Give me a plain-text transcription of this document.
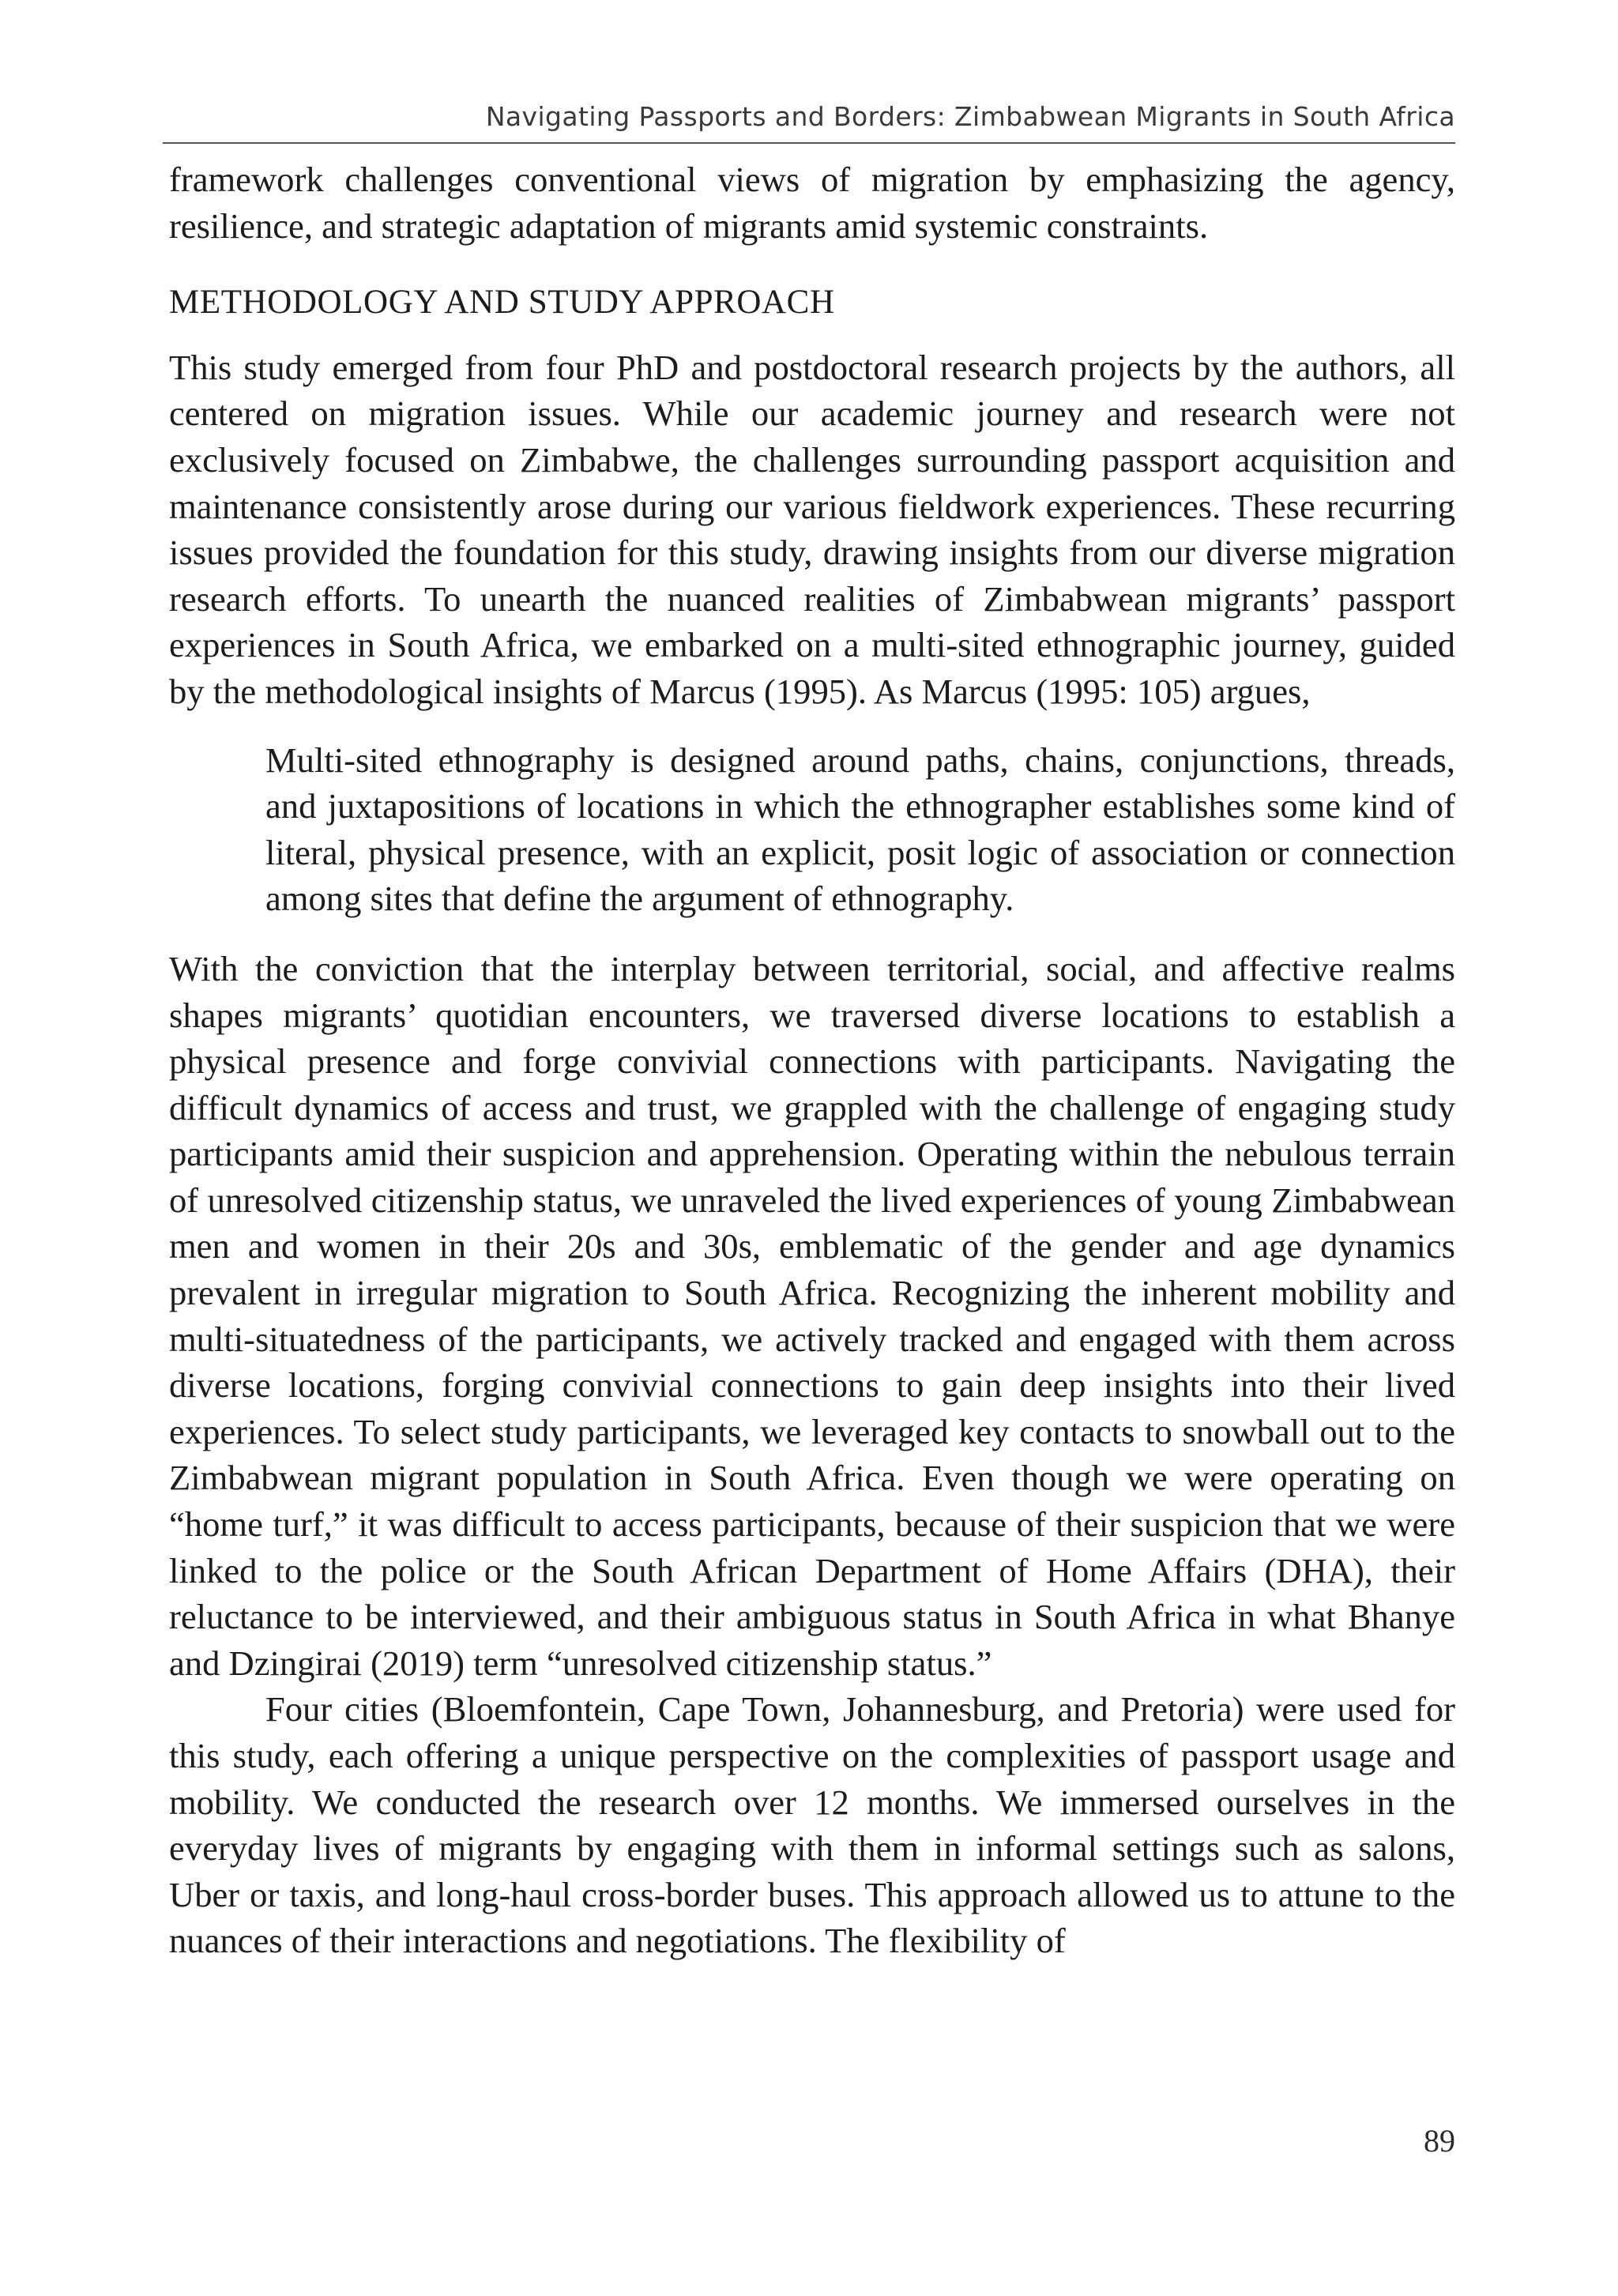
Navigating Passports and Borders: Zimbabwean Migrants in South Africa

framework challenges conventional views of migration by emphasizing the agency, resilience, and strategic adaptation of migrants amid systemic constraints.

METHODOLOGY AND STUDY APPROACH

This study emerged from four PhD and postdoctoral research projects by the authors, all centered on migration issues. While our academic journey and research were not exclusively focused on Zimbabwe, the challenges surrounding passport acquisition and maintenance consistently arose during our various fieldwork experiences. These recurring issues provided the foundation for this study, drawing insights from our diverse migration research efforts. To unearth the nuanced realities of Zimbabwean migrants’ passport experiences in South Africa, we embarked on a multi-sited ethnographic journey, guided by the methodological insights of Marcus (1995). As Marcus (1995: 105) argues,

Multi-sited ethnography is designed around paths, chains, conjunctions, threads, and juxtapositions of locations in which the ethnographer establishes some kind of literal, physical presence, with an explicit, posit logic of association or connection among sites that define the argument of ethnography.

With the conviction that the interplay between territorial, social, and affective realms shapes migrants’ quotidian encounters, we traversed diverse locations to establish a physical presence and forge convivial connections with participants. Navigating the difficult dynamics of access and trust, we grappled with the challenge of engaging study participants amid their suspicion and apprehension. Operating within the nebulous terrain of unresolved citizenship status, we unraveled the lived experiences of young Zimbabwean men and women in their 20s and 30s, emblematic of the gender and age dynamics prevalent in irregular migration to South Africa. Recognizing the inherent mobility and multi-situatedness of the participants, we actively tracked and engaged with them across diverse locations, forging convivial connections to gain deep insights into their lived experiences. To select study participants, we leveraged key contacts to snowball out to the Zimbabwean migrant population in South Africa. Even though we were operating on “home turf,” it was difficult to access participants, because of their suspicion that we were linked to the police or the South African Department of Home Affairs (DHA), their reluctance to be interviewed, and their ambiguous status in South Africa in what Bhanye and Dzingirai (2019) term “unresolved citizenship status.”

Four cities (Bloemfontein, Cape Town, Johannesburg, and Pretoria) were used for this study, each offering a unique perspective on the complexities of passport usage and mobility. We conducted the research over 12 months. We immersed ourselves in the everyday lives of migrants by engaging with them in informal settings such as salons, Uber or taxis, and long-haul cross-border buses. This approach allowed us to attune to the nuances of their interactions and negotiations. The flexibility of

89
